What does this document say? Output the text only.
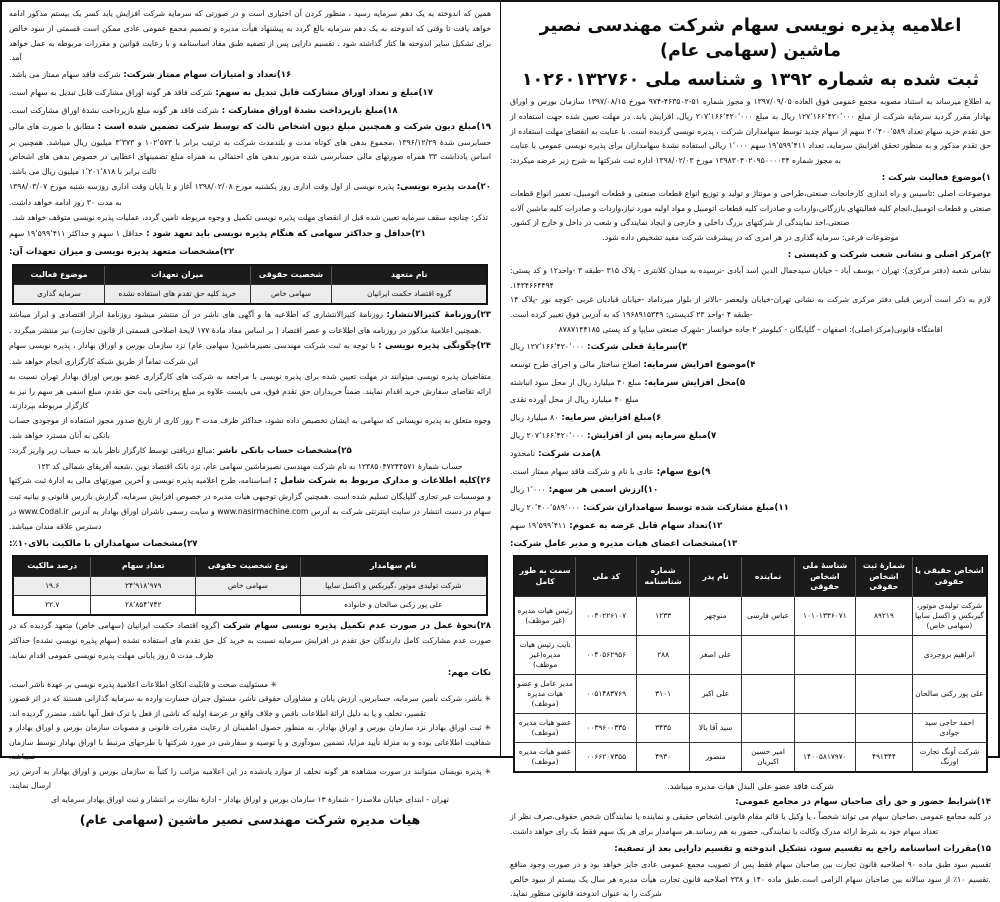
اعلامیه پذیره نویسی سهام شرکت مهندسی نصیر ماشین (سهامی عام)
ثبت شده به شماره ۱۳۹۲ و شناسه ملی ۱۰۲۶۰۱۳۲۷۶۰

به اطلاع میرساند به استناد مصوبه مجمع عمومی فوق العاده ۱۳۹۷/۰۹/۰۵ و مجوز شماره ۵۱-۴۶۳۵۰۲-۹۷۴ مورخ ۱۳۹۷/۰۸/۱۵ سازمان بورس و اوراق بهادار مقرر گردید سرمایه شرکت از مبلغ ۱۲۷٬۱۶۶٬۴۲۰٬۰۰۰ ریال به مبلغ ۲۰۷٬۱۶۶٬۴۲۰٬۰۰۰ ریال، افزایش یابد. در مهلت تعیین شده جهت استفاده از حق تقدم خرید سهام تعداد ۲۰٬۴۰۰٬۵۸۹ سهم از سهام جدید توسط سهامداران شرکت ، پذیره نویسی گردیده است. با عنایت به انقضای مهلت استفاده از حق تقدم مذکور و به منظور تحقق افزایش سرمایه، تعداد ۱۹٬۵۹۹٬۴۱۱ سهم ۱٬۰۰۰ ریالی استفاده نشدۀ سهامداران برای پذیره نویسی عمومی با عنایت به مجوز شماره ۱۳۹۸۳۰۴۰۲۰۹۵۰۰۰۰۳۴ مورخ ۱۳۹۸/۰۲/۰۳ اداره ثبت شرکتها به شرح زیر عرضه میکردد:

۱)موضوع فعالیت شرکت :

موضوعات اصلی :تاسیس و راه اندازی کارخانجات صنعتی،طراحی و مونتاژ و تولید و توزیع انواع قطعات صنعتی و قطعات اتومبیل، تعمیر انواع قطعات صنعتی و قطعات اتومبیل،انجام کلیه فعالیتهای بازرگانی،واردات و صادرات کلیه قطعات اتومبیل و مواد اولیه مورد نیاز،واردات و صادرات کلیه ماشین آلات صنعتی،اخذ نمایندگی از شرکتهای بزرگ داخلی و خارجی و ایجاد نمایندگی و شعب در داخل و خارج از کشور.

موضوعات فرعی: سرمایه گذاری در هر امری که در پیشرفت شرکت مفید تشخیص داده شود.

۲)مرکز اصلی و نشانی شعب شرکت و کدپستی :

نشانی شعبه (دفتر مرکزی): تهران - یوسف آباد - خیابان سیدجمال الدین اسد آبادی -نرسیده به میدان کلانتری - پلاک ۳۱۵ -طبقه ۳ -واحد۱۲ و کد پستی: ۱۴۳۴۶۶۴۴۹۴.

لازم به ذکر است آدرس قبلی دفتر مرکزی شرکت به نشانی تهران-خیابان ولیعصر -بالاتر از بلوار میرداماد -خیابان قبادیان غربی -کوچه نور -پلاک ۱۴ -طبقه ۴ -واحد ۲۳ کدپستی: ۱۹۶۸۹۱۵۳۴۹ که به آدرس فوق تغییر کرده است.

اقامتگاه قانونی(مرکز اصلی): اصفهان - گلپایگان - کیلومتر ۲ جاده خوانسار -شهرک صنعتی سایپا و کد پستی ۸۷۸۷۱۴۴۱۸۵

۳)سرمایۀ فعلی شرکت: ۱۲۷٬۱۶۶٬۴۲۰٬۰۰۰ ریال
۴)موضوع افزایش سرمایه: اصلاح ساختار مالی و اجرای طرح توسعه
۵)محل افزایش سرمایه: مبلغ ۴۰ میلیارد ریال از محل سود انباشته
مبلغ ۴۰ میلیارد ریال از محل آورده نقدی
۶)مبلغ افزایش سرمایه: ۸۰ میلیارد ریال
۷)مبلغ سرمایه پس از افزایش: ۲۰۷٬۱۶۶٬۴۲۰٬۰۰۰ ریال
۸)مدت شرکت: نامحدود
۹)نوع سهام: عادی با نام و شرکت فاقد سهام ممتاز است.
۱۰)ارزش اسمی هر سهم: ۱٬۰۰۰ ریال
۱۱)مبلغ مشارکت شده توسط سهامداران شرکت: ۲۰٬۴۰۰٬۵۸۹٬۰۰۰ ریال
۱۲)تعداد سهام قابل عرضه به عموم: ۱۹٬۵۹۹٬۴۱۱ سهم
۱۳)مشخصات اعضای هیات مدیره و مدیر عامل شرکت:
اشخاص حقیقی یا حقوقی	شمارۀ ثبت اشخاص حقوقی	شناسۀ ملی اشخاص حقوقی	نماینده	نام پدر	شماره شناسنامه	کد ملی	سمت به طور کامل
شرکت تولیدی موتور، گیربکس و اکسل سایپا (سهامی خاص)	۸۹۲۱۹	۱۰۱۰۱۳۳۶۰۷۱	عباس فارسی	منوچهر	۱۲۳۳	۰۰۴۰۲۲۶۱۰۷	رئیس هیات مدیره (غیر موظف)
ابراهیم بروجردی				علی اصغر	۲۸۸	۰۰۴۰۵۶۲۹۵۶	نایب رئیس هیات مدیره(غیر موظف)
علی پور رکنی صالحان				علی اکبر	۳۱۰۱	۰۰۵۱۴۸۳۷۶۹	مدیر عامل و عضو هیات مدیره (موظف)
احمد حاجی سید جوادی				سید آقا بالا	۳۴۳۵	۰۰۳۹۶۰۰۳۳۵	عضو هیات مدیره (موظف)
شرکت آونگ تجارت اورنگ	۴۹۱۳۴۴	۱۴۰۰۵۸۱۷۹۷۰	امیر حسین اکبریان	منصور	۴۹۳۰	۰۰۶۶۲۰۷۳۵۵	عضو هیات مدیره (موظف)
شرکت فاقد عضو علی البدل هیات مدیره میباشد.
۱۴)شرایط حضور و حق رأی صاحبان سهام در مجامع عمومی:

در کلیه مجامع عمومی ،صاحبان سهام می تواند شخصاً ، یا وکیل یا قائم مقام قانونی اشخاص حقیقی و نماینده یا نمایندگان شخص حقوقی،صرف نظر از تعداد سهام خود به شرط ارائه مدرک وکالت یا نمایندگی، حضور به هم رسانند.هر سهامدار برای هر یک سهم فقط یک رای خواهد داشت.

۱۵)مقررات اساسنامه راجع به تقسیم سود، تشکیل اندوخته و تقسیم دارایی بعد از تصفیه:

تقسیم سود طبق ماده ۹۰ اصلاحیه قانون تجارت بین صاحبان سهام فقط پس از تصویب مجمع عمومی عادی جایز خواهد بود و در صورت وجود منافع .تقسیم ۱۰٪ از سود سالانه بین صاحبان سهام الزامی است.طبق ماده ۱۴۰ و ۲۳۸ اصلاحیه قانون تجارت هیأت مدیره هر سال یک بیستم از سود خالص شرکت را به عنوان اندوخته قانونی منظور نماید.

همین که اندوخته به یک دهم سرمایه رسید ، منظور کردن آن اختیاری است و در صورتی که سرمایه شرکت افزایش یابد کسر یک بیستم مذکور ادامه خواهد یافت تا وقتی که اندوخته به یک دهم سرمایه بالغ گردد به پیشنهاد هیأت مدیره و تصمیم مجمع عمومی عادی ممکن است قسمتی از سود خالص برای تشکیل سایر اندوخته ها کنار گذاشته شود . تقسیم دارایی پس از تصفیه طبق مفاد اساسنامه و با رعایت قوانین و مقررات مربوطه به عمل خواهد آمد.

۱۶)تعداد و امتیازات سهام ممتاز شرکت: شرکت فاقد سهام ممتاز می باشد.
۱۷)مبلغ و نعداد اوراق مشارکت قابل تبدیل به سهم: شرکت فاقد هر گونه اوراق مشارکت قابل تبدیل به سهام است.
۱۸)مبلغ بازپرداخت نشدۀ اوراق مشارکت : شرکت فاقد هر گونه مبلغ بازپرداخت نشدۀ اوراق مشارکت است.

۱۹)مبلغ دیون شرکت و همچنین مبلغ دیون اشخاص ثالث که توسط شرکت تضمین شده است : مطابق با صورت های مالی حسابرسی شدۀ ۱۳۹۶/۱۲/۲۹ ،مجموع بدهی های کوتاه مدت و بلندمدت شرکت به ترتیب برابر با ۱۰۲٬۵۷۳ و ۳٬۳۷۳ میلیون ریال میباشد. همچنین بر اساس یادداشت ۳۳ همراه صورتهای مالی حسابرسی شده مزبور بدهی های احتمالی به همراه مبلغ تضمینهای اعطایی در خصوص بدهی های اشخاص ثالث برابر با ۱٬۲۰۱٬۸۱۸ میلیون ریال می باشد.

۲۰)مدت پذیره نویسی: پذیره نویسی از اول وقت اداری روز یکشنبه مورخ ۱۳۹۸/۰۲/۰۸ آغاز و تا پایان وقت اداری روزسه شنبه مورخ ۱۳۹۸/۰۳/۰۷ به مدت ۳۰ روز ادامه خواهد داشت.

تذکر: چنانچه سقف سرمایه تعیین شده قبل از انقضای مهلت پذیره نویسی تکمیل و وجوه مربوطه تامین گردد، عملیات پذیره نویسی متوقف خواهد شد.

۲۱)حداقل و حداکثر سهامی که هنگام پذیره نویسی باید تعهد شود : حداقل ۱ سهم و حداکثر ۱۹٬۵۹۹٬۴۱۱ سهم
۲۲)مشخصات متعهد پذیره نویسی و میزان تعهدات آن:
نام متعهد	شخصیت حقوقی	میزان تعهدات	موضوع فعالیت
گروه اقتصاد حکمت ایرانیان	سهامی خاص	خرید کلیه حق تقدم های استفاده نشده	سرمایه گذاری

۲۳)روزنامۀ کثیرالانتشار: روزنامۀ کثیرالانتشاری که اطلاعیه ها و آگهی های ناشر در آن منتشر میشود روزنامۀ ابرار اقتصادی و ابرار میباشد .همچنین اعلامیۀ مذکور در روزنامه های اطلاعات و عصر اقتصاد ( بر اساس مفاد مادۀ ۱۷۷ لایحۀ اصلاحی قسمتی از قانون تجارت) نیز منتشر میگردد .

۲۴)چگونگی پذیره نویسی : با توجه به ثبت شرکت مهندسی نصیرماشین( سهامی عام) نزد سازمان بورس و اوراق بهادار ، پذیره نویسی سهام این شرکت تماماً از طریق شبکه کارگزاری انجام خواهد شد.

متقاضیان پذیره نویسی میتوانند در مهلت تعیین شده برای پذیره نویسی با مراجعه به شرکت های کارگزاری عضو بورس اوراق بهادار تهران نسبت به ارائه تقاضای سفارش خرید اقدام نمایند. ضمناً خریداران حق تقدم فوق، می بایست علاوه بر مبلغ پرداختی بابت حق تقدم، مبلغ اسمی هر سهم را نیز به کارگزار مربوطه بپردازند.

وجوه متعلق به پذیره نویسانی که سهامی به ایشان تخصیص داده نشود، حداکثر ظرف مدت ۳ روز کاری از تاریخ صدور مجوز استفاده از موجودی حساب بانکی به آنان مسترد خواهد شد.

۲۵)مشخصات حساب بانکی ناشر :مبالغ دریافتی توسط کارگزار ناظر باید به حساب زیر واریز گردد:

حساب شمارۀ ۱۲۳۸۵۰۴۷۲۴۴۵۷۱ به نام شرکت مهندسی نصیرماشین سهامی عام، نزد بانک اقتصاد نوین ،شعبه آفریقای شمالی کد ۱۲۳

۲۶)کلیه اطلاعات و مدارک مربوط به شرکت شامل : اساسنامه، طرح اعلامیه پذیره نویسی و آخرین صورتهای مالی به ادارۀ ثبت شرکتها و موسسات غیر تجاری گلپایگان تسلیم شده است .همچنین گزارش توجیهی هیات مدیره در خصوص افزایش سرمایه، گزارش بازرس قانونی و بیانیه ثبت سهام در دست انتشار در سایت اینترنتی شرکت به آدرس www.nasirmachine.com و سایت رسمی ناشران اوراق بهادار به آدرس www.Codal.ir در دسترس علاقه مندان میباشد.

۲۷)مشخصات سهامداران با مالکیت بالای۱۰٪:
نام سهامدار	نوع شخصیت حقوقی	تعداد سهام	درصد مالکیت
شرکت تولیدی موتور ،گیربکس و اکسل سایپا	سهامی خاص	۲۴٬۹۱۸٬۹۷۹	۱۹.۶
علی پور رکنی صالحان و خانواده		۲۸٬۸۵۴٬۷۴۲	۲۲.۷

۲۸)نحوۀ عمل در صورت عدم تکمیل پذیره نویسی سهام شرکت (گروه اقتصاد حکمت ایرانیان (سهامی خاص) متعهد گردیده که در صورت عدم مشارکت کامل دارندگان حق تقدم در افزایش سرمایه نسبت به خرید کل حق تقدم های استفاده نشده (سهام پذیره نویسی نشده) حداکثر ظرف مدت ۵ روز پایانی مهلت پذیره نویسی عمومی اقدام نماید.

نکات مهم:

✳ مسئولیت صحت و قابلیت اتکای اطلاعات اعلامیۀ پذیره نویسی بر عهدۀ ناشر است.

✳ ناشر، شرکت تأمین سرمایه، حسابرس، ارزش یابان و مشاوران حقوقی ناشر، مسئول جبران خسارت وارده به سرمایه گذارانی هستند که در اثر قصور، تقصیر، تخلف و یا به دلیل ارائۀ اطلاعات ناقص و خلاف واقع در عرضۀ اولیه که ناشی از فعل یا ترک فعل آنها باشد، متضرر گردیده اند.

✳ ثبت اوراق بهادار نزد سازمان بورس و اوراق بهادار، به منظور حصول اطمینان از رعایت مقررات قانونی و مصوبات سازمان بورس و اوراق بهادار و شفافیت اطلاعاتی بوده و به منزلۀ تأیید مزایا، تضمین سودآوری و یا توصیه و سفارشی در مورد شرکتها یا طرحهای مرتبط با اوراق بهادار توسط سازمان نمیباشد.

✳ پذیره نویسان میتوانند در صورت مشاهده هر گونه تخلف از موارد یادشده در این اعلامیه مراتب را کتباً به سازمان بورس و اوراق بهادار به آدرس زیر ارسال نمایند.

تهران - ابتدای خیابان ملاصدرا - شمارۀ ۱۳ سازمان بورس و اوراق بهادار - ادارۀ نظارت بر انتشار و ثبت اوراق بهادار سرمایه ای

هیات مدیره شرکت مهندسی نصیر ماشین (سهامی عام)
